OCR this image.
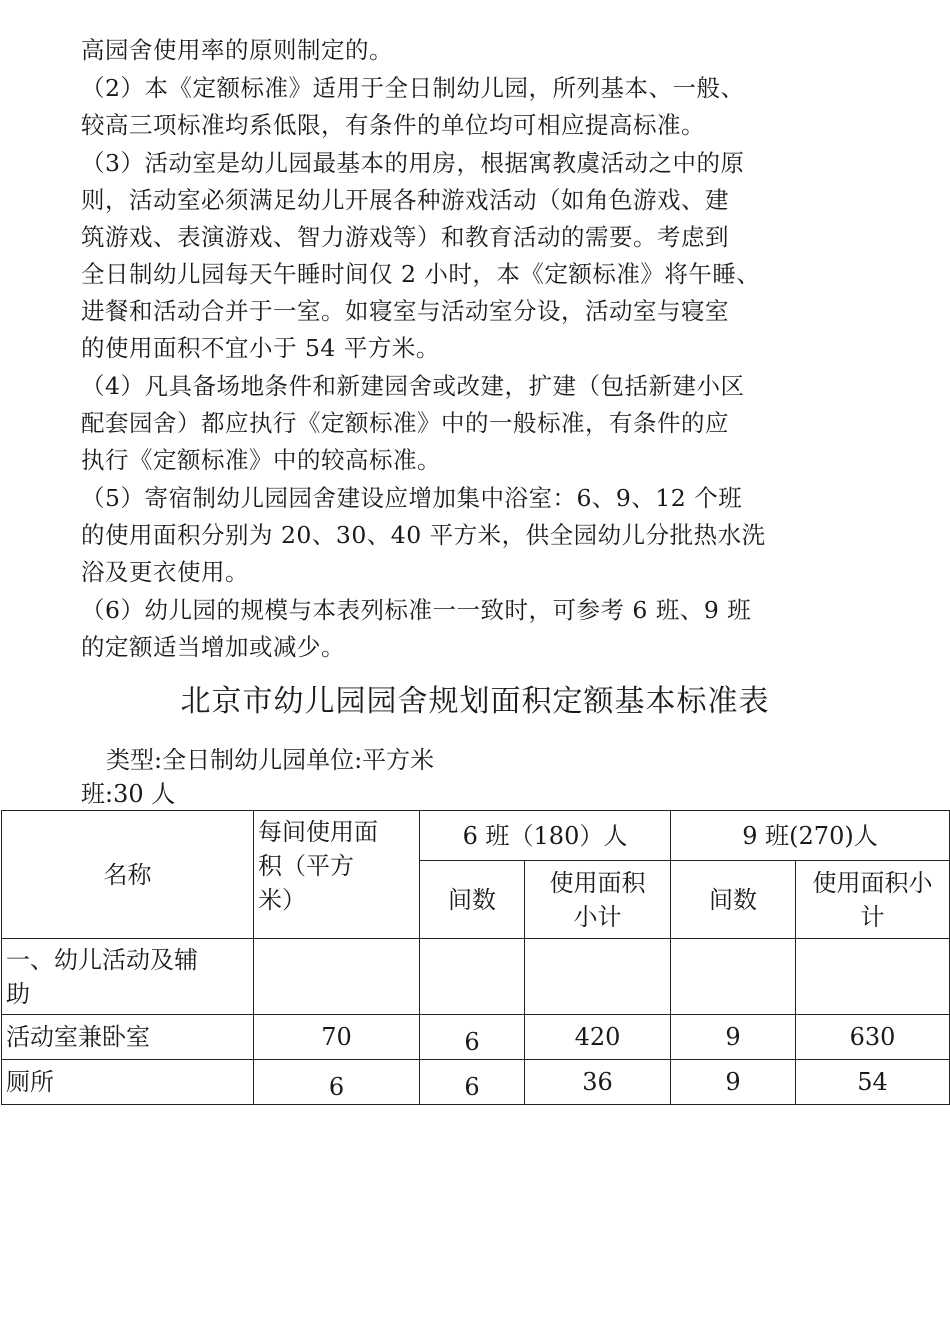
高园舍使用率的原则制定的。

（2）本《定额标准》适用于全日制幼儿园，所列基本、一般、
较高三项标准均系低限，有条件的单位均可相应提高标准。

（3）活动室是幼儿园最基本的用房，根据寓教虞活动之中的原
则，活动室必须满足幼儿开展各种游戏活动（如角色游戏、建
筑游戏、表演游戏、智力游戏等）和教育活动的需要。考虑到
全日制幼儿园每天午睡时间仅 2 小时，本《定额标准》将午睡、
进餐和活动合并于一室。如寝室与活动室分设，活动室与寝室
的使用面积不宜小于 54 平方米。

（4）凡具备场地条件和新建园舍或改建，扩建（包括新建小区
配套园舍）都应执行《定额标准》中的一般标准，有条件的应
执行《定额标准》中的较高标准。

（5）寄宿制幼儿园园舍建设应增加集中浴室：6、9、12 个班
的使用面积分别为 20、30、40 平方米，供全园幼儿分批热水洗
浴及更衣使用。

（6）幼儿园的规模与本表列标准一一致时，可参考 6 班、9 班
的定额适当增加或减少。

北京市幼儿园园舍规划面积定额基本标准表
类型:全日制幼儿园单位:平方米
班:30 人
名称	每间使用面
积（平方
米）	6 班（180）人		9 班(270)人	
		间数	使用面积
小计	间数	使用面积小
计

一、幼儿活动及辅
助					

活动室兼卧室	70	6	420	9	630
厕所	6	6	36	9	54
